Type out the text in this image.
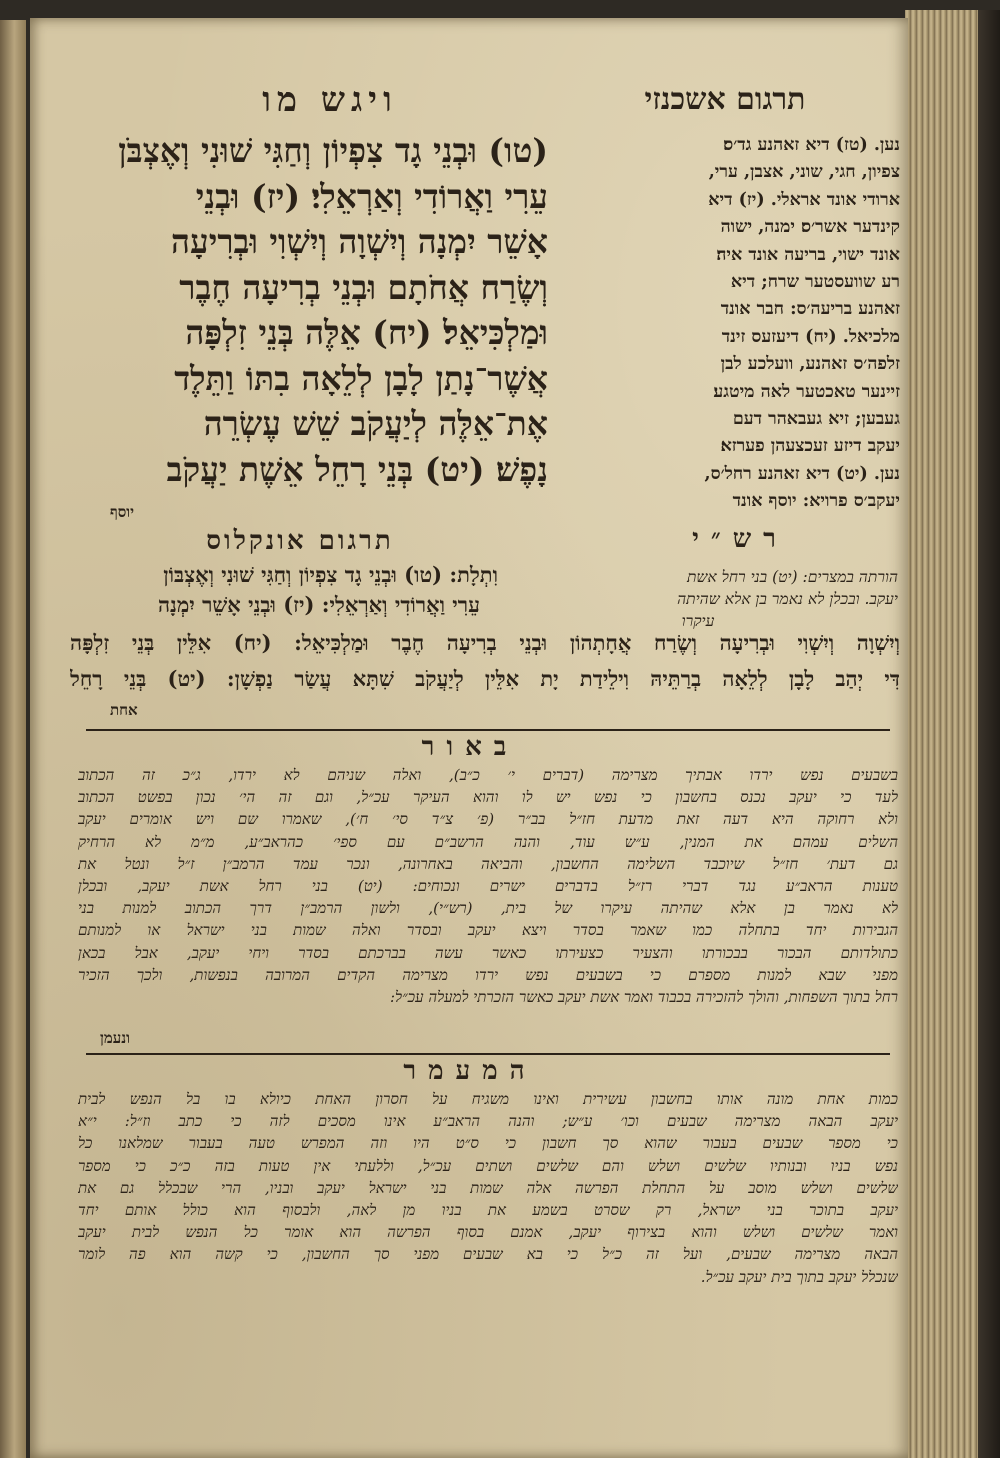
ויגש מו	תרגום אשכנזי
(טו) וּבְנֵי גָד צִפְיוֹן וְחַגִּי שׁוּנִי וְאֶצְבֹּן
עֵרִי וַאֲרוֹדִי וְאַרְאֵלִי׃ (יז) וּבְנֵי
אָשֵׁר יִמְנָה וְיִשְׁוָה וְיִשְׁוִי וּבְרִיעָה
וְשֶׂרַח אֲחֹתָם וּבְנֵי בְרִיעָה חֶבֶר
וּמַלְכִּיאֵל׃ (יח) אֵלֶּה בְּנֵי זִלְפָּה
אֲשֶׁר־נָתַן לָבָן לְלֵאָה בִתּוֹ וַתֵּלֶד
אֶת־אֵלֶּה לְיַעֲקֹב שֵׁשׁ עֶשְׂרֵה
נָפֶשׁ׃ (יט) בְּנֵי רָחֵל אֵשֶׁת יַעֲקֹב
נען. (טז) דיא זאהנע גד׳ס׃
צפיון, חגי, שוני, אצבן, ערי,
ארודי אונד אראלי. (יז) דיא
קינדער אשר׳ס׃ ימנה, ישוה
אונד ישוי, בריעה אונד איה׃
רע שוועסטער שרח; דיא
זאהנע בריעה׳ס: חבר אונד
מלכיאל. (יח) דיעזעס זינד
זלפה׳ס זאהנע, וועלכע לבן
זיינער טאכטער לאה מיטגע׃
געבען; זיא געבאהר דעם
יעקב דיזע זעכצעהן פערזא׃
נען. (יט) דיא זאהנע רחל׳ס,
יעקב׳ס פרויא: יוסף אונד
יוסף
רש״י
תרגום אונקלוס
וִתְלָת: (טו) וּבְנֵי גָד צִפְיוֹן וְחַגִּי שׁוּנִי וְאֶצְבּוֹן
עֵרִי וַאֲרוֹדִי וְאַרְאֵלִי: (יז) וּבְנֵי אָשֵׁר יִמְנָה
הורתה במצרים: (יט) בני רחל אשת
יעקב. ובכלן לא נאמר בן אלא שהיתה
עיקרו
וְיִשְׁוָה וְיִשְׁוִי וּבְרִיעָה וְשֶׂרַח אֲחָתְהוֹן וּבְנֵי בְרִיעָה חֶבֶר וּמַלְכִּיאֵל: (יח) אִלֵּין בְּנֵי זִלְפָּה
דִּי יְהַב לָבָן לְלֵאָה בְרַתֵּיהּ וִילֵידַת יָת אִלֵּין לְיַעֲקֹב שִׁתָּא עֲשַׂר נַפְשָׁן: (יט) בְּנֵי רָחֵל
אחת
באור
בשבעים נפש ירדו אבתיך מצרימה (דברים י׳ כ״ב), ואלה שניהם לא ירדו, ג״כ זה הכתוב
לעד כי יעקב נכנס בחשבון כי נפש יש לו והוא העיקר עכ״ל, וגם זה הי׳ נכון בפשט הכתוב
ולא רחוקה היא דעה זאת מדעת חז״ל בב״ר (פ׳ צ״ד סי׳ ח׳), שאמרו שם ויש אומרים יעקב
השלים עמהם את המנין, ע״ש עוד, והנה הרשב״ם עם ספי׳ כהראב״ע, מ״מ לא הרחיק
גם דעת׳ חז״ל שיוכבד השלימה החשבון, והביאה באחרונה, ונכר עמד הרמב״ן ז״ל ונטל את
טענות הראב״ע נגד דברי רז״ל בדברים ישרים ונכוחים: (יט) בני רחל אשת יעקב, ובכלן
לא נאמר בן אלא שהיתה עיקרו של בית, (רש״י), ולשון הרמב״ן דרך הכתוב למנות בני
הגבירות יחד בתחלה כמו שאמר בסדר ויצא יעקב ובסדר ואלה שמות בני ישראל או למנותם
כתולדותם הבכור בבכורתו והצעיר כצעירתו כאשר עשה בברכתם בסדר ויחי יעקב, אבל בכאן
מפני שבא למנות מספרם כי בשבעים נפש ירדו מצרימה הקדים המרובה בנפשות, ולכך הזכיר
רחל בתוך השפחות, והולך להזכירה בכבוד ואמר אשת יעקב כאשר הזכרתי למעלה עכ״ל:
ונעמן
המעמר
כמות אחת מונה אותו בחשבון עשירית ואינו משגיח על חסרון האחת כיולא בו בל הנפש לבית
יעקב הבאה מצרימה שבעים וכו׳ ע״ש; והנה הראב״ע אינו מסכים לזה כי כתב וז״ל: י״א
כי מספר שבעים בעבור שהוא סך חשבון כי ס״ט היו וזה המפרש טעה בעבור שמלאנו כל
נפש בניו ובנותיו שלשים ושלש והם שלשים ושתים עכ״ל, וללעתי אין טעות בזה כ״כ כי מספר
שלשים ושלש מוסב על התחלת הפרשה אלה שמות בני ישראל יעקב ובניו, הרי שבכלל גם את
יעקב בתוכר בני ישראל, רק שסרט בשמע את בניו מן לאה, ולבסוף הוא כולל אותם יחד
ואמר שלשים ושלש והוא בצירוף יעקב, אמנם בסוף הפרשה הוא אומר כל הנפש לבית יעקב
הבאה מצרימה שבעים, ועל זה כ״ל כי בא שבעים מפני סך החשבון, כי קשה הוא פה לומר
שנכלל יעקב בתוך בית יעקב עכ״ל.
